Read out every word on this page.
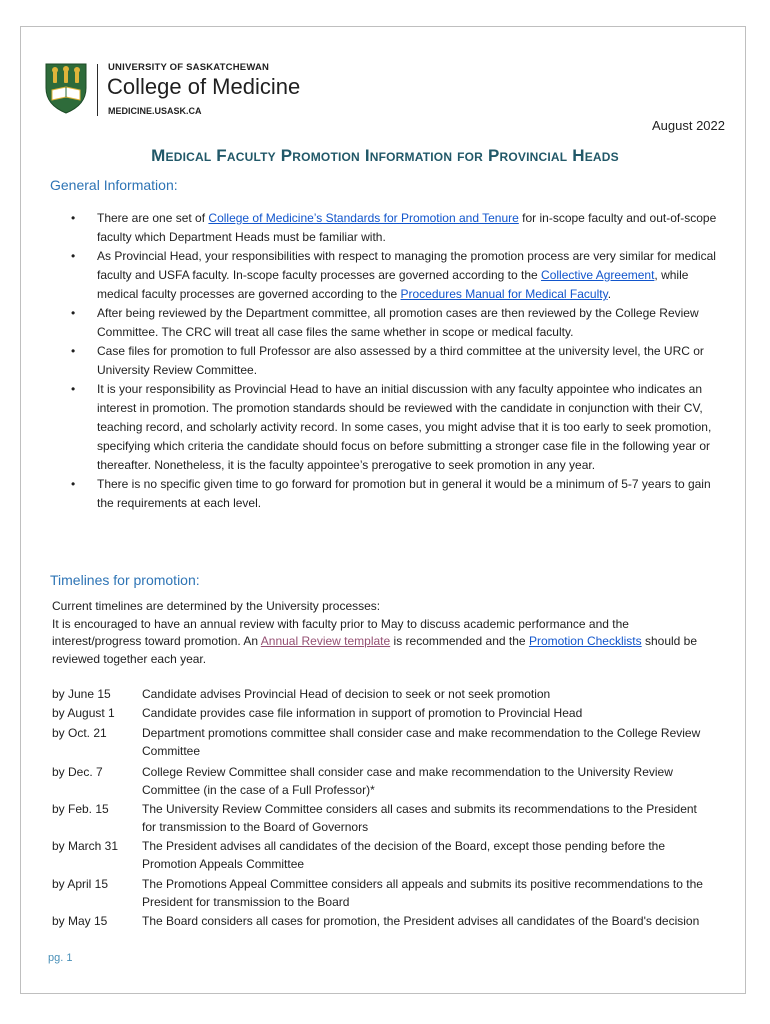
UNIVERSITY OF SASKATCHEWAN
College of Medicine
MEDICINE.USASK.CA
August 2022
Medical Faculty Promotion Information for Provincial Heads
General Information:
• There are one set of College of Medicine’s Standards for Promotion and Tenure for in-scope faculty and out-of-scope faculty which Department Heads must be familiar with.
• As Provincial Head, your responsibilities with respect to managing the promotion process are very similar for medical faculty and USFA faculty. In-scope faculty processes are governed according to the Collective Agreement, while medical faculty processes are governed according to the Procedures Manual for Medical Faculty.
• After being reviewed by the Department committee, all promotion cases are then reviewed by the College Review Committee. The CRC will treat all case files the same whether in scope or medical faculty.
• Case files for promotion to full Professor are also assessed by a third committee at the university level, the URC or University Review Committee.
• It is your responsibility as Provincial Head to have an initial discussion with any faculty appointee who indicates an interest in promotion. The promotion standards should be reviewed with the candidate in conjunction with their CV, teaching record, and scholarly activity record. In some cases, you might advise that it is too early to seek promotion, specifying which criteria the candidate should focus on before submitting a stronger case file in the following year or thereafter. Nonetheless, it is the faculty appointee’s prerogative to seek promotion in any year.
• There is no specific given time to go forward for promotion but in general it would be a minimum of 5-7 years to gain the requirements at each level.
Timelines for promotion:
Current timelines are determined by the University processes:
It is encouraged to have an annual review with faculty prior to May to discuss academic performance and the interest/progress toward promotion. An Annual Review template is recommended and the Promotion Checklists should be reviewed together each year.
by June 15	Candidate advises Provincial Head of decision to seek or not seek promotion
by August 1	Candidate provides case file information in support of promotion to Provincial Head
by Oct. 21	Department promotions committee shall consider case and make recommendation to the College Review Committee
by Dec. 7	College Review Committee shall consider case and make recommendation to the University Review Committee (in the case of a Full Professor)*
by Feb. 15	The University Review Committee considers all cases and submits its recommendations to the President for transmission to the Board of Governors
by March 31	The President advises all candidates of the decision of the Board, except those pending before the Promotion Appeals Committee
by April 15	The Promotions Appeal Committee considers all appeals and submits its positive recommendations to the President for transmission to the Board
by May 15	The Board considers all cases for promotion, the President advises all candidates of the Board's decision
pg. 1
